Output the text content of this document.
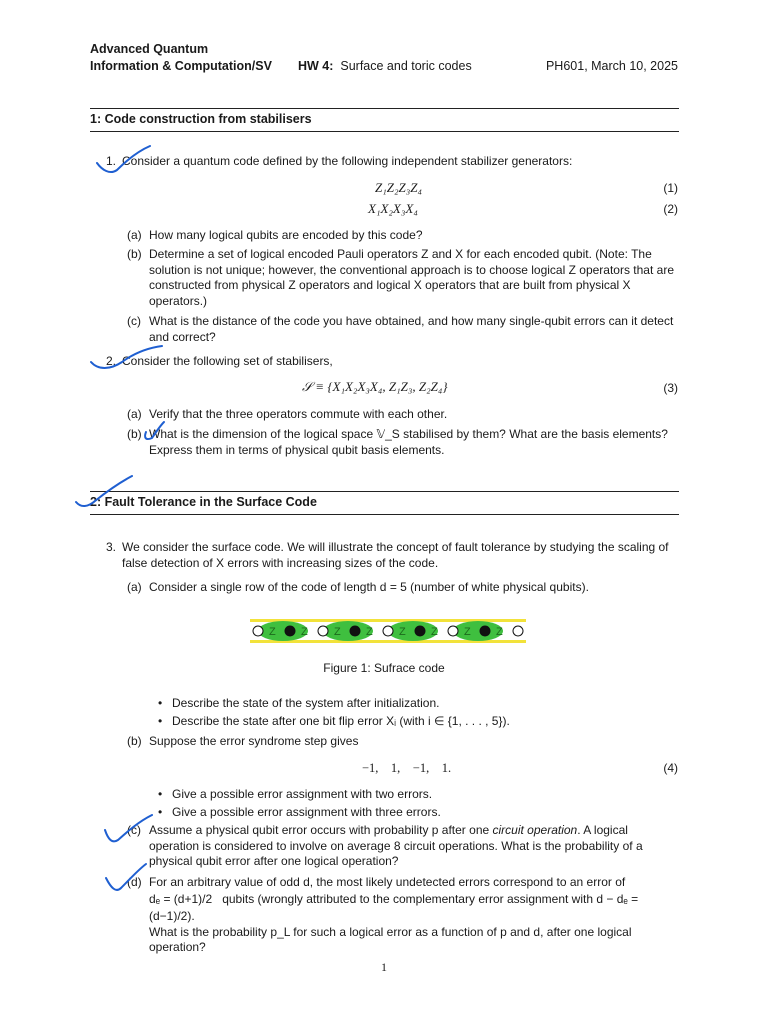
Advanced Quantum
Information & Computation/SV HW 4: Surface and toric codes	PH601, March 10, 2025
1: Code construction from stabilisers
1. Consider a quantum code defined by the following independent stabilizer generators:
Z₁Z₂Z₃Z₄	(1)
X₁X₂X₃X₄	(2)
(a) How many logical qubits are encoded by this code?
(b) Determine a set of logical encoded Pauli operators Z and X for each encoded qubit. (Note: The
solution is not unique; however, the conventional approach is to choose logical Z operators that are
constructed from physical Z operators and logical X operators that are built from physical X
operators.)
(c) What is the distance of the code you have obtained, and how many single-qubit errors can it detect
and correct?
2. Consider the following set of stabilisers,
𝒮 ≡ {X₁X₂X₃X₄, Z₁Z₃, Z₂Z₄}	(3)
(a) Verify that the three operators commute with each other.
(b) What is the dimension of the logical space 𝕍_S stabilised by them? What are the basis elements?
Express them in terms of physical qubit basis elements.
2: Fault Tolerance in the Surface Code
3. We consider the surface code. We will illustrate the concept of fault tolerance by studying the scaling of
false detection of X errors with increasing sizes of the code.
(a) Consider a single row of the code of length d = 5 (number of white physical qubits).
Z Z Z Z Z Z Z Z
Figure 1: Sufrace code
• Describe the state of the system after initialization.
• Describe the state after one bit flip error Xᵢ (with i ∈ {1, . . . , 5}).
(b) Suppose the error syndrome step gives
−1,    1,    −1,    1.	(4)
• Give a possible error assignment with two errors.
• Give a possible error assignment with three errors.
(c) Assume a physical qubit error occurs with probability p after one circuit operation. A logical
operation is considered to involve on average 8 circuit operations. What is the probability of a
physical qubit error after one logical operation?
(d) For an arbitrary value of odd d, the most likely undetected errors correspond to an error of
dₑ = (d+1)/2 qubits (wrongly attributed to the complementary error assignment with d − dₑ = (d−1)/2).
What is the probability p_L for such a logical error as a function of p and d, after one logical
operation?
1
